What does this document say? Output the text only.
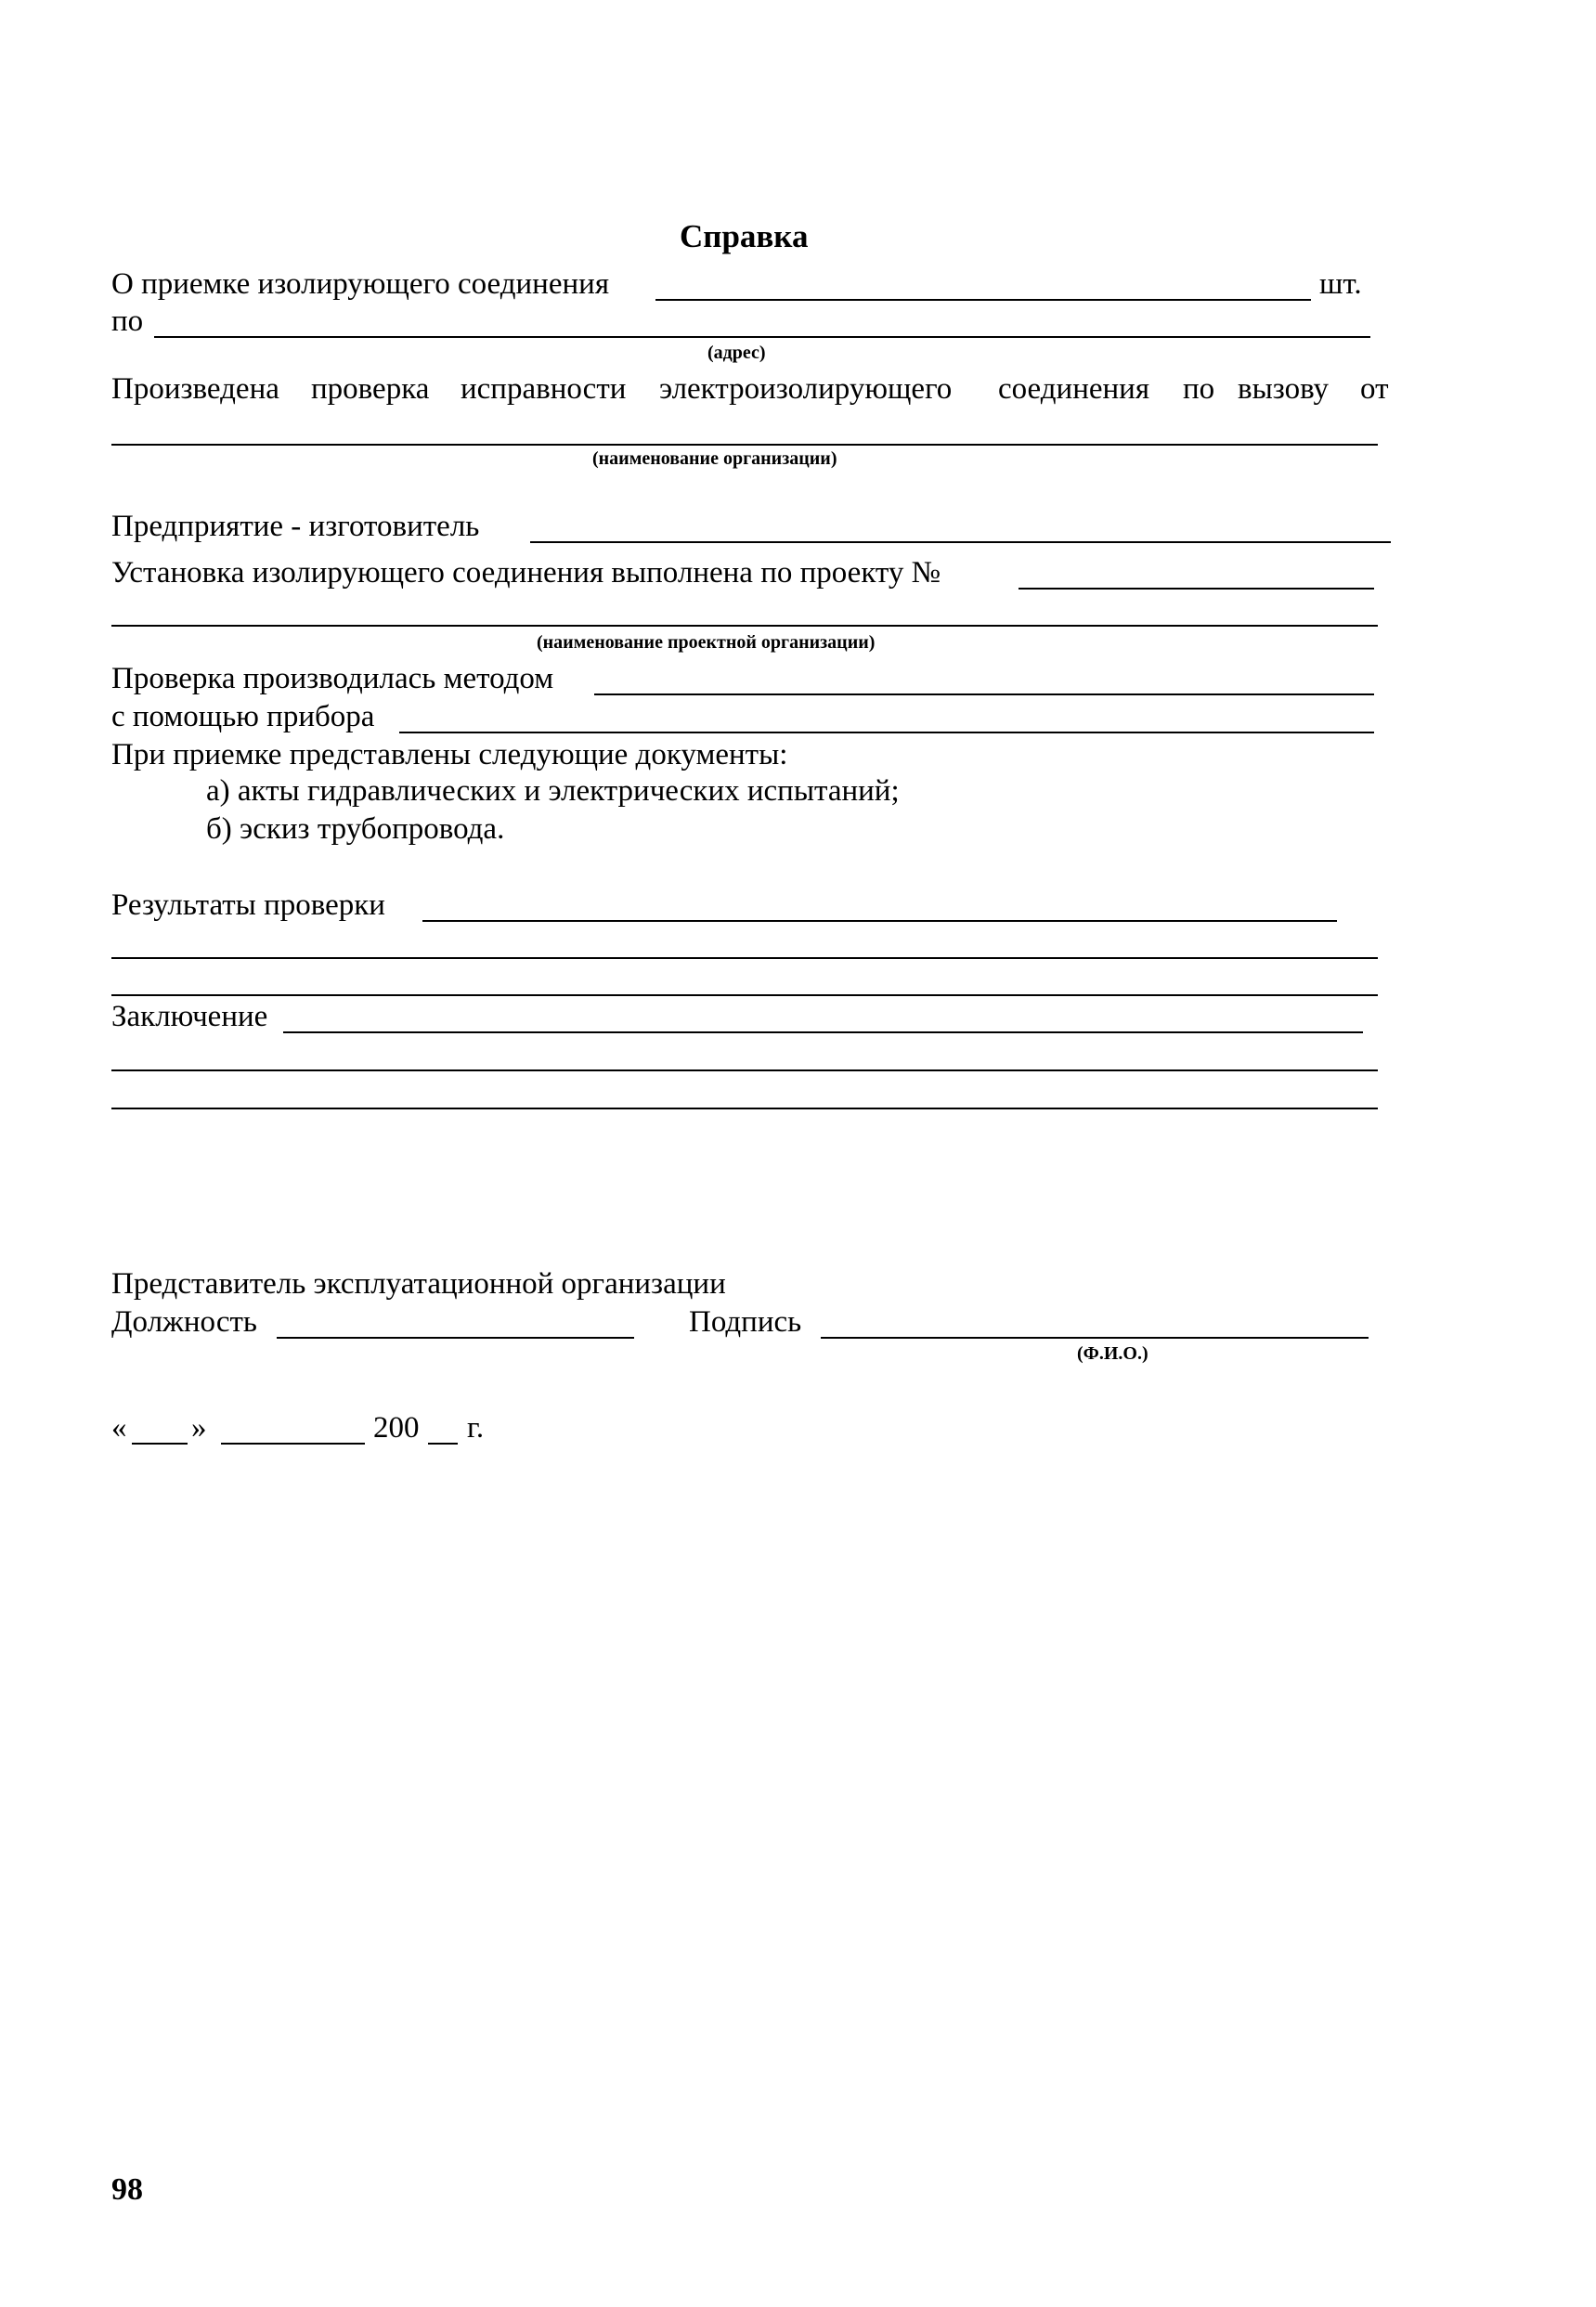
Справка
О приемке изолирующего соединения	шт.
по
(адрес)
Произведена проверка исправности электроизолирующего соединения по вызову от
(наименование организации)
Предприятие - изготовитель
Установка изолирующего соединения выполнена по проекту №
(наименование проектной организации)
Проверка производилась методом
с помощью прибора
При приемке представлены следующие документы:
а) акты гидравлических и электрических испытаний;
б) эскиз трубопровода.
Результаты проверки
Заключение
Представитель эксплуатационной организации
Должность	Подпись
(Ф.И.О.)
« »	200 г.
98
